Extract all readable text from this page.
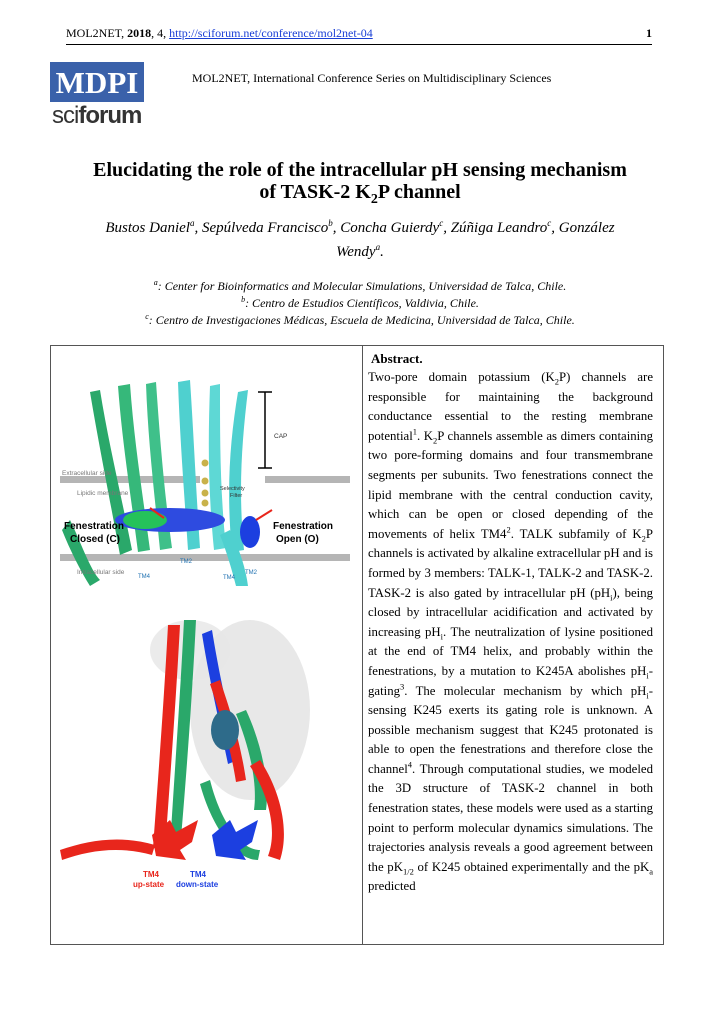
MOL2NET, 2018, 4, http://sciforum.net/conference/mol2net-04	1
MDPI
sciforum
MOL2NET, International Conference Series on Multidisciplinary Sciences
Elucidating the role of the intracellular pH sensing mechanism
of TASK-2 $K_2P$ channel
Bustos Daniel$^a$, Sepúlveda Francisco$^b$, Concha Guierdy$^c$, Zúñiga Leandro$^c$, González
Wendy$^a$.
$^a$: Center for Bioinformatics and Molecular Simulations, Universidad de Talca, Chile.
$^b$: Centro de Estudios Científicos, Valdivia, Chile.
$^c$: Centro de Investigaciones Médicas, Escuela de Medicina, Universidad de Talca, Chile.
CAP
Extracellular side
Lipidic membrane
Selectivity
Filter
Fenestration
Closed (C)
Fenestration
Open (O)
Intracellular side
TM2
TM2
TM4	TM4
TM4
up-state
TM4
down-state
Abstract.
Two-pore domain potassium $(K_2P)$ channels are responsible for maintaining the background conductance essential to the resting membrane potential$^1$. $K_2P$ channels assemble as dimers containing two pore-forming domains and four transmembrane segments per subunits. Two fenestrations connect the lipid membrane with the central conduction cavity, which can be open or closed depending of the movements of helix $TM4^2$. TALK subfamily of $K_2P$ channels is activated by alkaline extracellular pH and is formed by 3 members: TALK-1, TALK-2 and TASK-2. TASK-2 is also gated by intracellular pH $(pH_i)$, being closed by intracellular acidification and activated by increasing $pH_i$. The neutralization of lysine positioned at the end of TM4 helix, and probably within the fenestrations, by a mutation to K245A abolishes $pH_i-gating^3$. The molecular mechanism by which $pH_i$-sensing K245 exerts its gating role is unknown. A possible mechanism suggest that K245 protonated is able to open the fenestrations and therefore close the channel$^4$. Through computational studies, we modeled the 3D structure of TASK-2 channel in both fenestration states, these models were used as a starting point to perform molecular dynamics simulations. The trajectories analysis reveals a good agreement between the $pK_{1/2}$ of K245 obtained experimentally and the $pK_a$ predicted
